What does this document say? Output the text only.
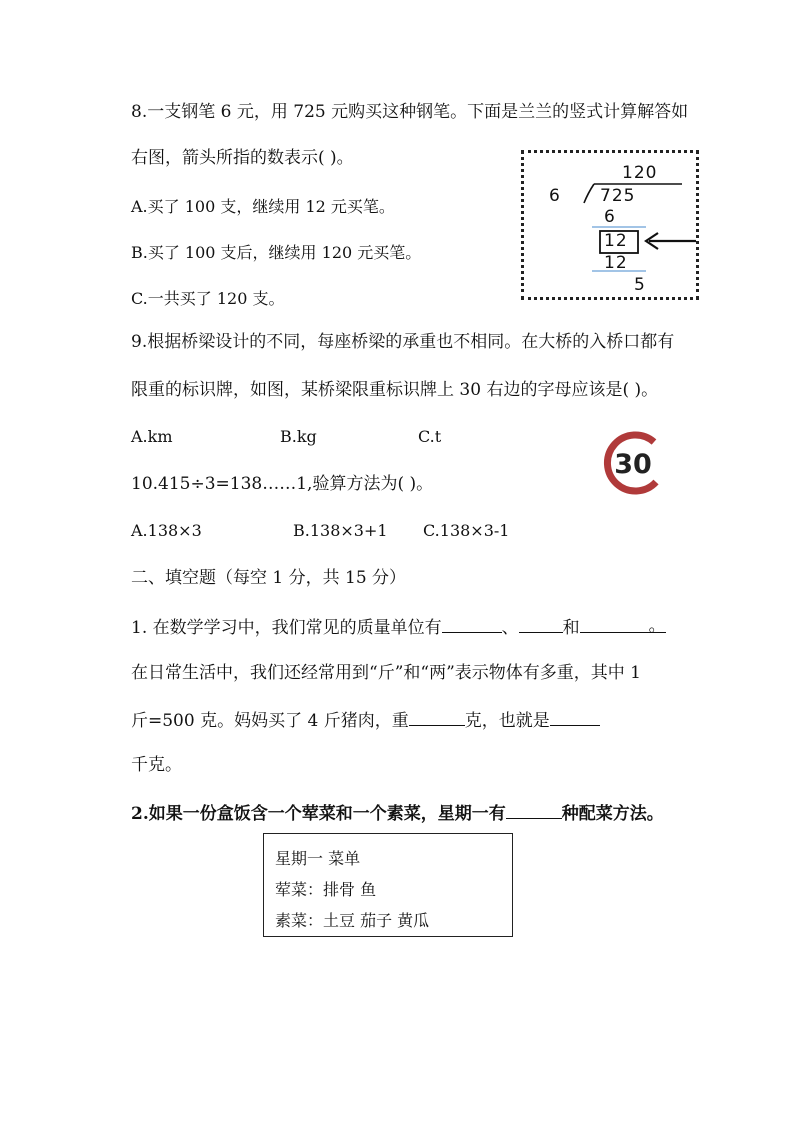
8.一支钢笔 6 元，用 725 元购买这种钢笔。下面是兰兰的竖式计算解答如
右图，箭头所指的数表示( )。
A.买了 100 支，继续用 12 元买笔。
B.买了 100 支后，继续用 120 元买笔。
C.一共买了 120 支。
120
6 725
6
12
12
5
9.根据桥梁设计的不同，每座桥梁的承重也不相同。在大桥的入桥口都有
限重的标识牌，如图，某桥梁限重标识牌上 30 右边的字母应该是( )。
A.km	B.kg	C.t
30
10.415÷3=138……1,验算方法为( )。
A.138×3	B.138×3+1 C.138×3-1
二、填空题（每空 1 分，共 15 分）
1. 在数学学习中，我们常见的质量单位有	、	和	。
在日常生活中，我们还经常用到“斤”和“两”表示物体有多重，其中 1
斤=500 克。妈妈买了 4 斤猪肉，重	克，也就是
千克。
2.如果一份盒饭含一个荤菜和一个素菜，星期一有	种配菜方法。
星期一 菜单
荤菜：排骨 鱼
素菜：土豆 茄子 黄瓜
